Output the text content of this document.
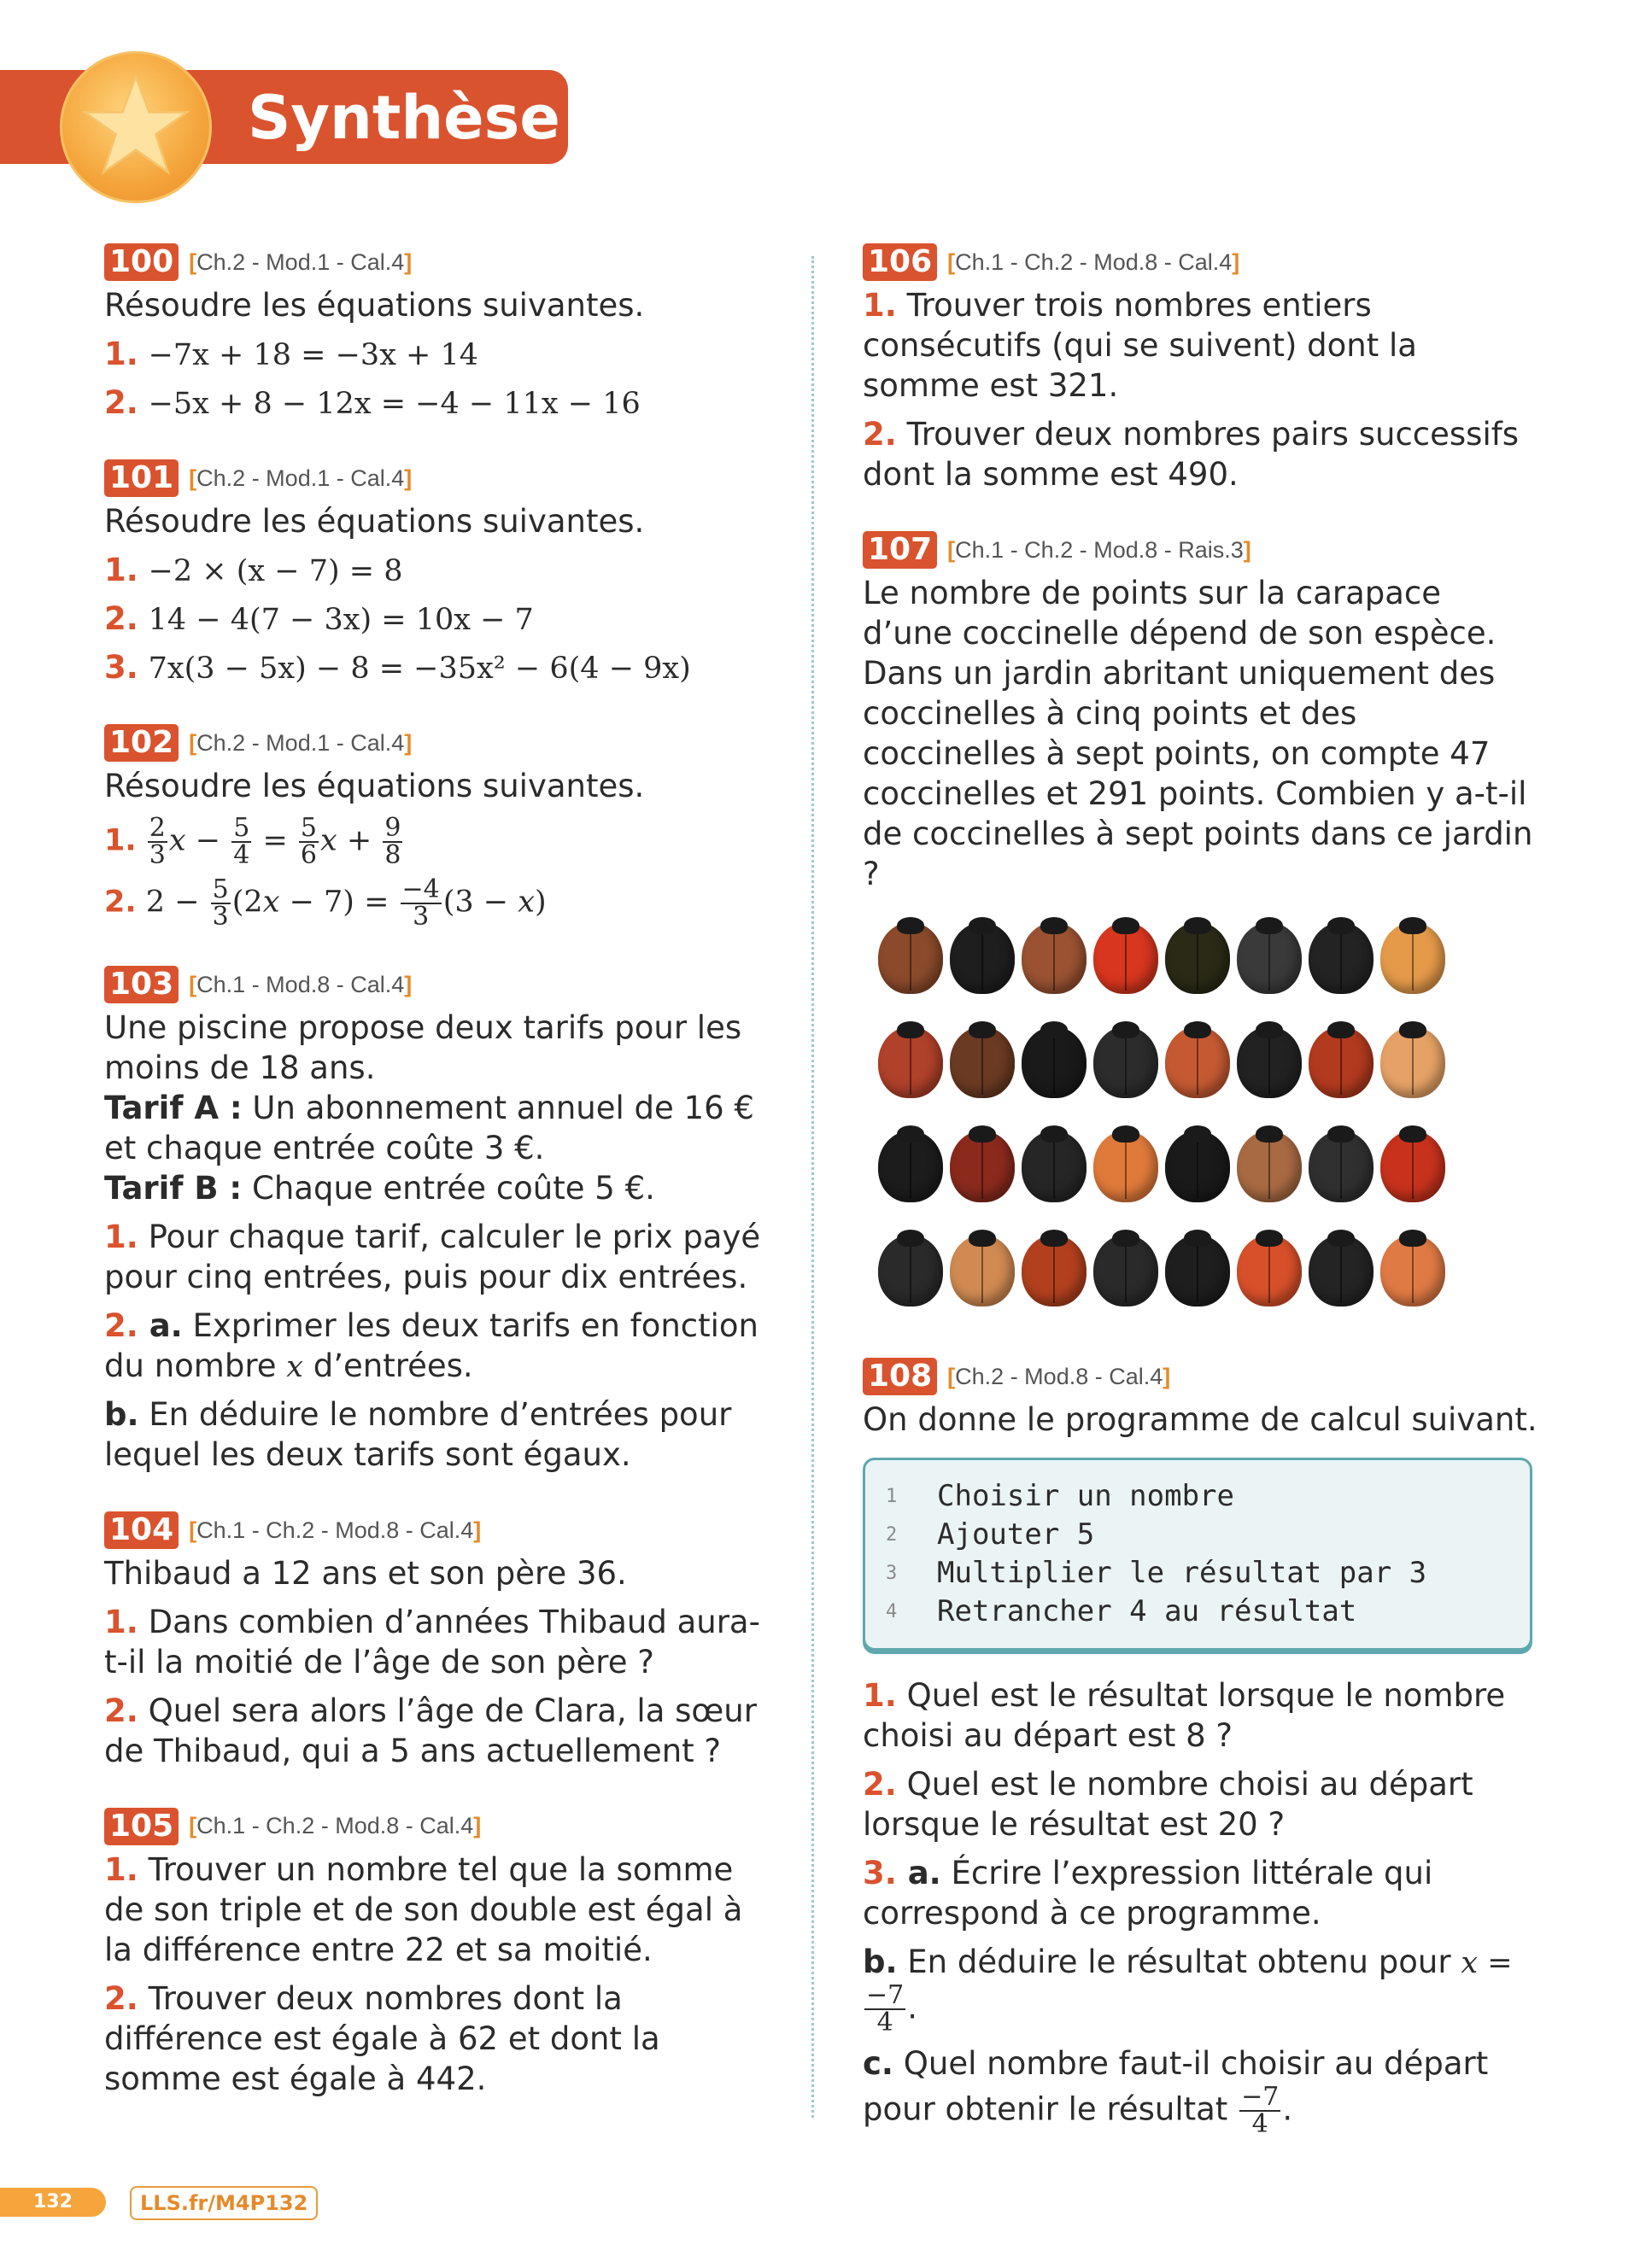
Synthèse
100 [Ch.2 - Mod.1 - Cal.4]

Résoudre les équations suivantes.

1. −7x + 18 = −3x + 14

2. −5x + 8 − 12x = −4 − 11x − 16

101 [Ch.2 - Mod.1 - Cal.4]

Résoudre les équations suivantes.

1. −2 × (x − 7) = 8

2. 14 − 4(7 − 3x) = 10x − 7

3. 7x(3 − 5x) − 8 = −35x² − 6(4 − 9x)

102 [Ch.2 - Mod.1 - Cal.4]

Résoudre les équations suivantes.

1. $\frac{2}{3}$ $x - \frac{5}{4} = \frac{5}{6}$ $x + \frac{9}{8}$

2. $2 - \frac{5}{3} (2x - 7) = \frac{-4}{3} (3 - x)$

103 [Ch.1 - Mod.8 - Cal.4]

Une piscine propose deux tarifs pour les moins de 18 ans.

Tarif A : Un abonnement annuel de 16 € et chaque entrée coûte 3 €.

Tarif B : Chaque entrée coûte 5 €.

1. Pour chaque tarif, calculer le prix payé pour cinq entrées, puis pour dix entrées.

2. a. Exprimer les deux tarifs en fonction du nombre x d’entrées.

b. En déduire le nombre d’entrées pour lequel les deux tarifs sont égaux.

104 [Ch.1 - Ch.2 - Mod.8 - Cal.4]

Thibaud a 12 ans et son père 36.

1. Dans combien d’années Thibaud aura-t-il la moitié de l’âge de son père ?

2. Quel sera alors l’âge de Clara, la sœur de Thibaud, qui a 5 ans actuellement ?

105 [Ch.1 - Ch.2 - Mod.8 - Cal.4]

1. Trouver un nombre tel que la somme de son triple et de son double est égal à la différence entre 22 et sa moitié.

2. Trouver deux nombres dont la différence est égale à 62 et dont la somme est égale à 442.

106 [Ch.1 - Ch.2 - Mod.8 - Cal.4]

1. Trouver trois nombres entiers consécutifs (qui se suivent) dont la somme est 321.

2. Trouver deux nombres pairs successifs dont la somme est 490.

107 [Ch.1 - Ch.2 - Mod.8 - Rais.3]

Le nombre de points sur la carapace d’une coccinelle dépend de son espèce. Dans un jardin abritant uniquement des coccinelles à cinq points et des coccinelles à sept points, on compte 47 coccinelles et 291 points. Combien y a-t-il de coccinelles à sept points dans ce jardin ?

108 [Ch.2 - Mod.8 - Cal.4]

On donne le programme de calcul suivant.

1	Choisir un nombre
2	Ajouter 5
3	Multiplier le résultat par 3
4	Retrancher 4 au résultat

1. Quel est le résultat lorsque le nombre choisi au départ est 8 ?

2. Quel est le nombre choisi au départ lorsque le résultat est 20 ?

3. a. Écrire l’expression littérale qui correspond à ce programme.

b. En déduire le résultat obtenu pour x =
$\frac{-7}{4}$ .

c. Quel nombre faut-il choisir au départ pour obtenir le résultat $\frac{-7}{4}$ .

132	LLS.fr/M4P132
